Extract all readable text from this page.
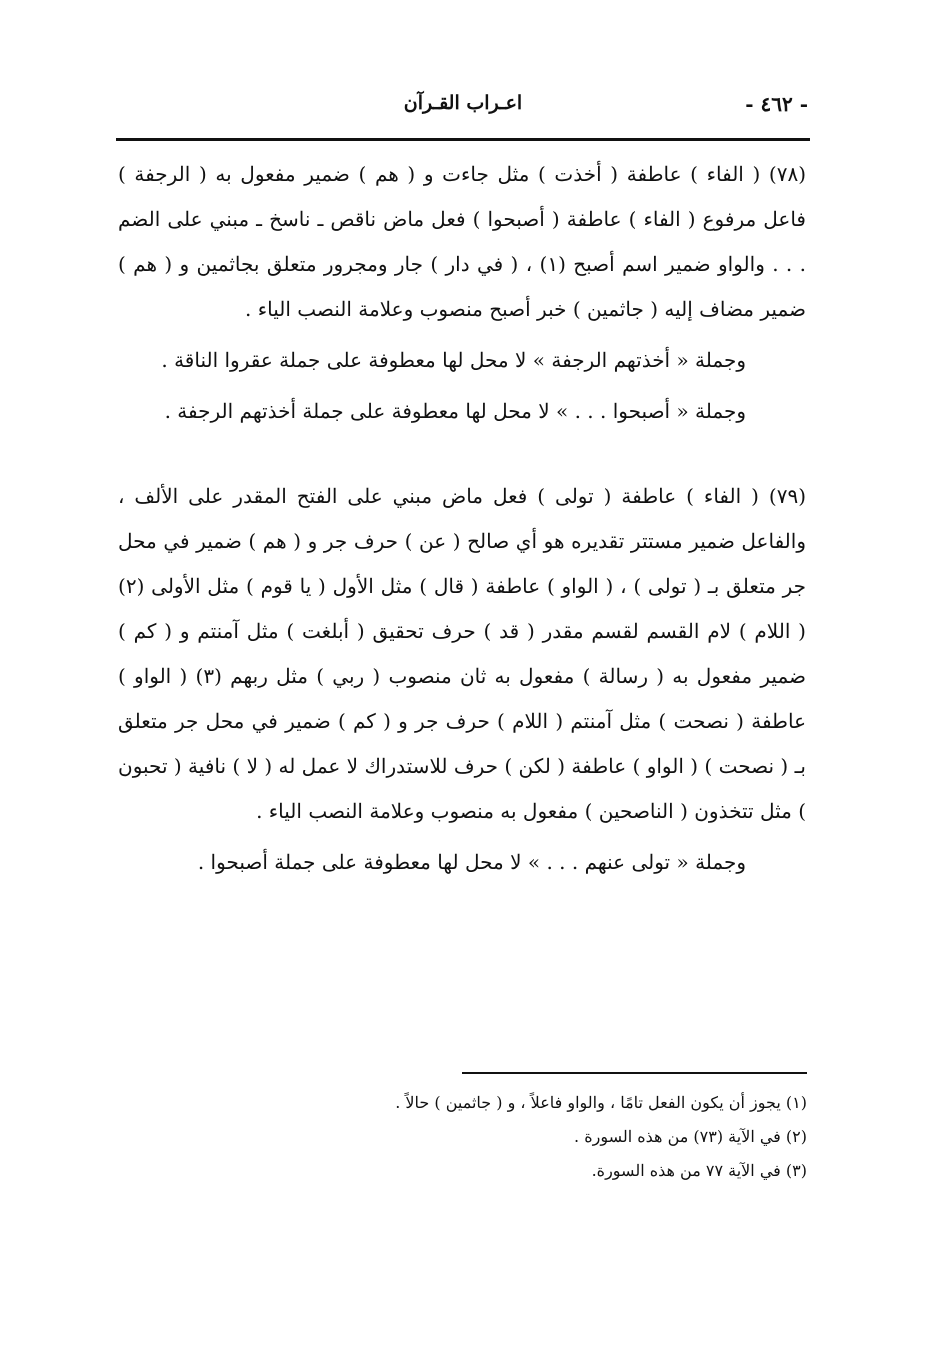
- ٤٦٢ -
اعـراب القـرآن

(٧٨) ( الفاء ) عاطفة ( أخذت ) مثل جاءت و ( هم ) ضمير مفعول به ( الرجفة ) فاعل مرفوع ( الفاء ) عاطفة ( أصبحوا ) فعل ماض ناقص ـ ناسخ ـ مبني على الضم . . . والواو ضمير اسم أصبح (١) ، ( في دار ) جار ومجرور متعلق بجاثمين و ( هم ) ضمير مضاف إليه ( جاثمين ) خبر أصبح منصوب وعلامة النصب الياء .

وجملة « أخذتهم الرجفة » لا محل لها معطوفة على جملة عقروا الناقة .

وجملة « أصبحوا . . . » لا محل لها معطوفة على جملة أخذتهم الرجفة .

(٧٩) ( الفاء ) عاطفة ( تولى ) فعل ماض مبني على الفتح المقدر على الألف ، والفاعل ضمير مستتر تقديره هو أي صالح ( عن ) حرف جر و ( هم ) ضمير في محل جر متعلق بـ ( تولى ) ، ( الواو ) عاطفة ( قال ) مثل الأول ( يا قوم ) مثل الأولى (٢) ( اللام ) لام القسم لقسم مقدر ( قد ) حرف تحقيق ( أبلغت ) مثل آمنتم و ( كم ) ضمير مفعول به ( رسالة ) مفعول به ثان منصوب ( ربي ) مثل ربهم (٣) ( الواو ) عاطفة ( نصحت ) مثل آمنتم ( اللام ) حرف جر و ( كم ) ضمير في محل جر متعلق بـ ( نصحت ) ( الواو ) عاطفة ( لكن ) حرف للاستدراك لا عمل له ( لا ) نافية ( تحبون ) مثل تتخذون ( الناصحين ) مفعول به منصوب وعلامة النصب الياء .

وجملة « تولى عنهم . . . » لا محل لها معطوفة على جملة أصبحوا .

(١) يجوز أن يكون الفعل تامًا ، والواو فاعلاً ، و ( جاثمين ) حالاً .
(٢) في الآية (٧٣) من هذه السورة .
(٣) في الآية ٧٧ من هذه السورة.
